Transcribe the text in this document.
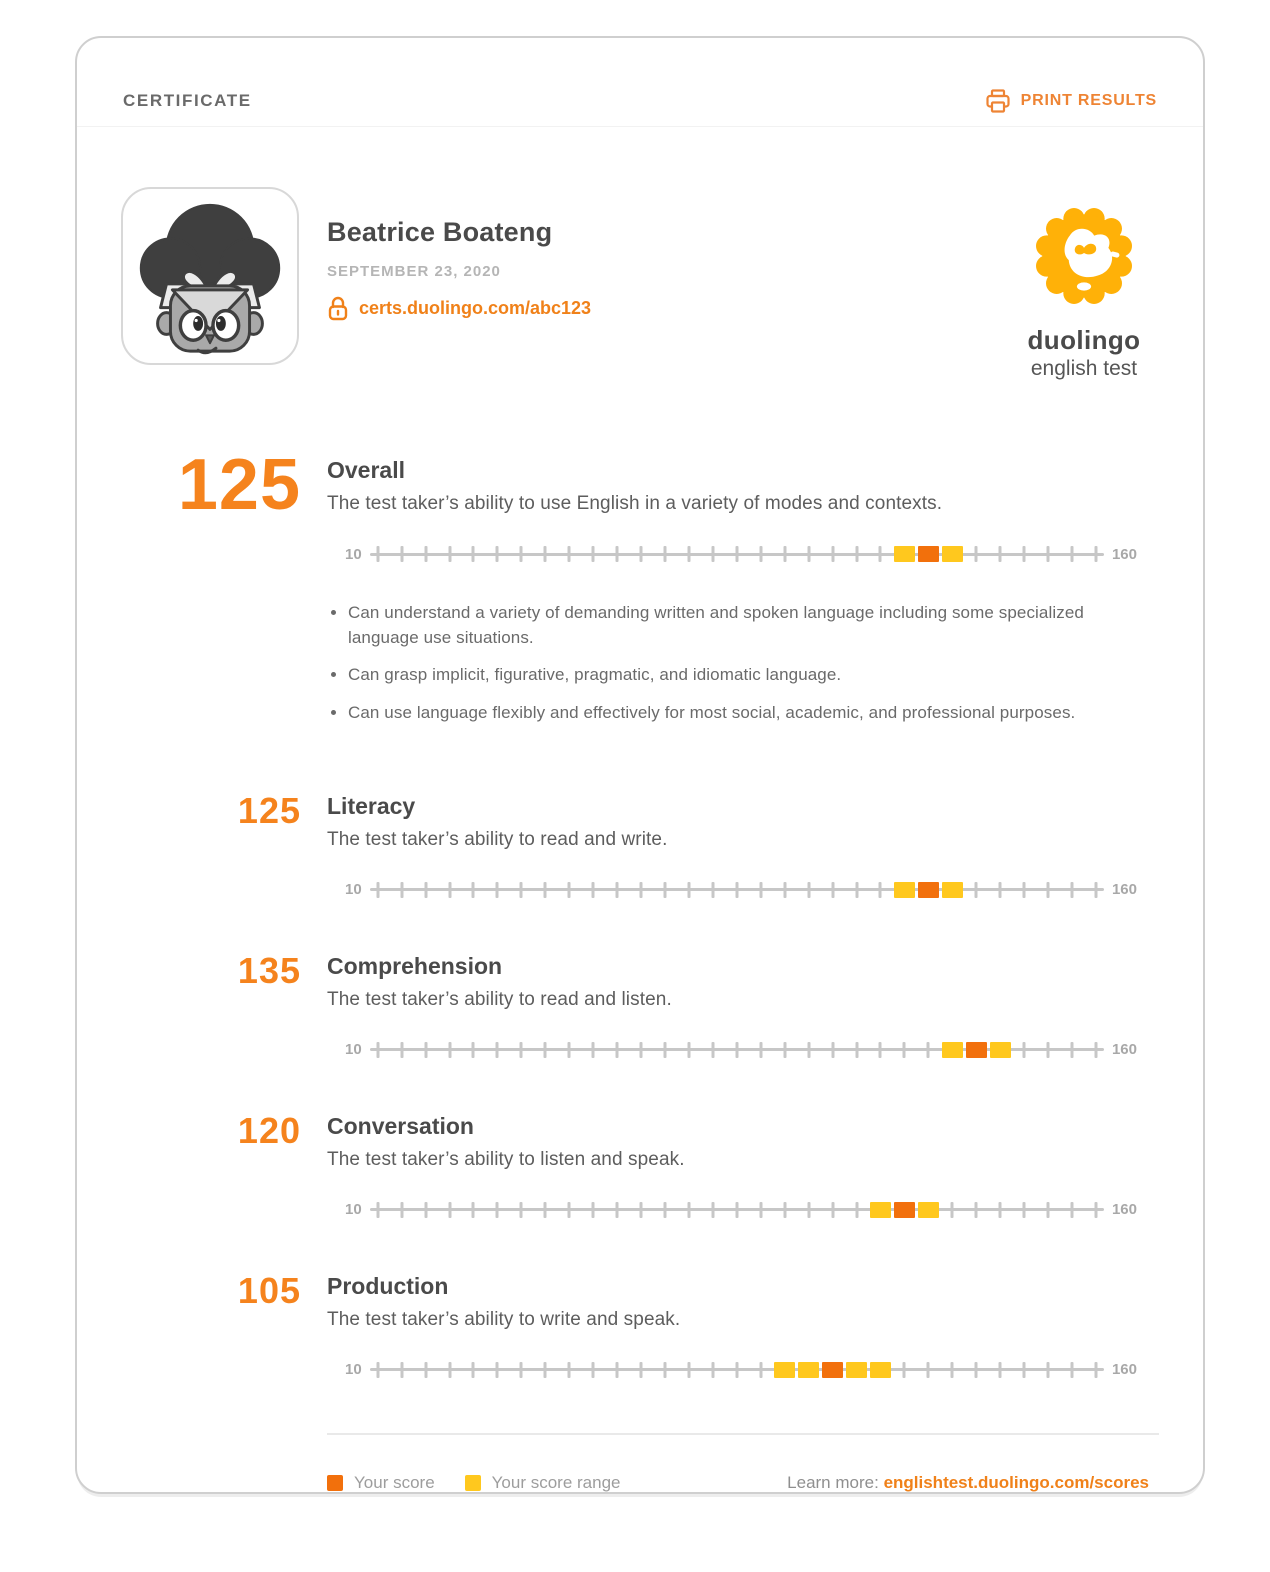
CERTIFICATE	PRINT RESULTS
Beatrice Boateng
SEPTEMBER 23, 2020
certs.duolingo.com/abc123
duolingo
english test
125 Overall

The test taker’s ability to use English in a variety of modes and contexts.

10	160
• Can understand a variety of demanding written and spoken language including some specialized language use situations.
• Can grasp implicit, figurative, pragmatic, and idiomatic language.
• Can use language flexibly and effectively for most social, academic, and professional purposes.
125 Literacy

The test taker’s ability to read and write.

10	160
135 Comprehension

The test taker’s ability to read and listen.

10	160
120 Conversation

The test taker’s ability to listen and speak.

10	160
105 Production

The test taker’s ability to write and speak.

10	160
Your score	Your score range	Learn more: englishtest.duolingo.com/scores
